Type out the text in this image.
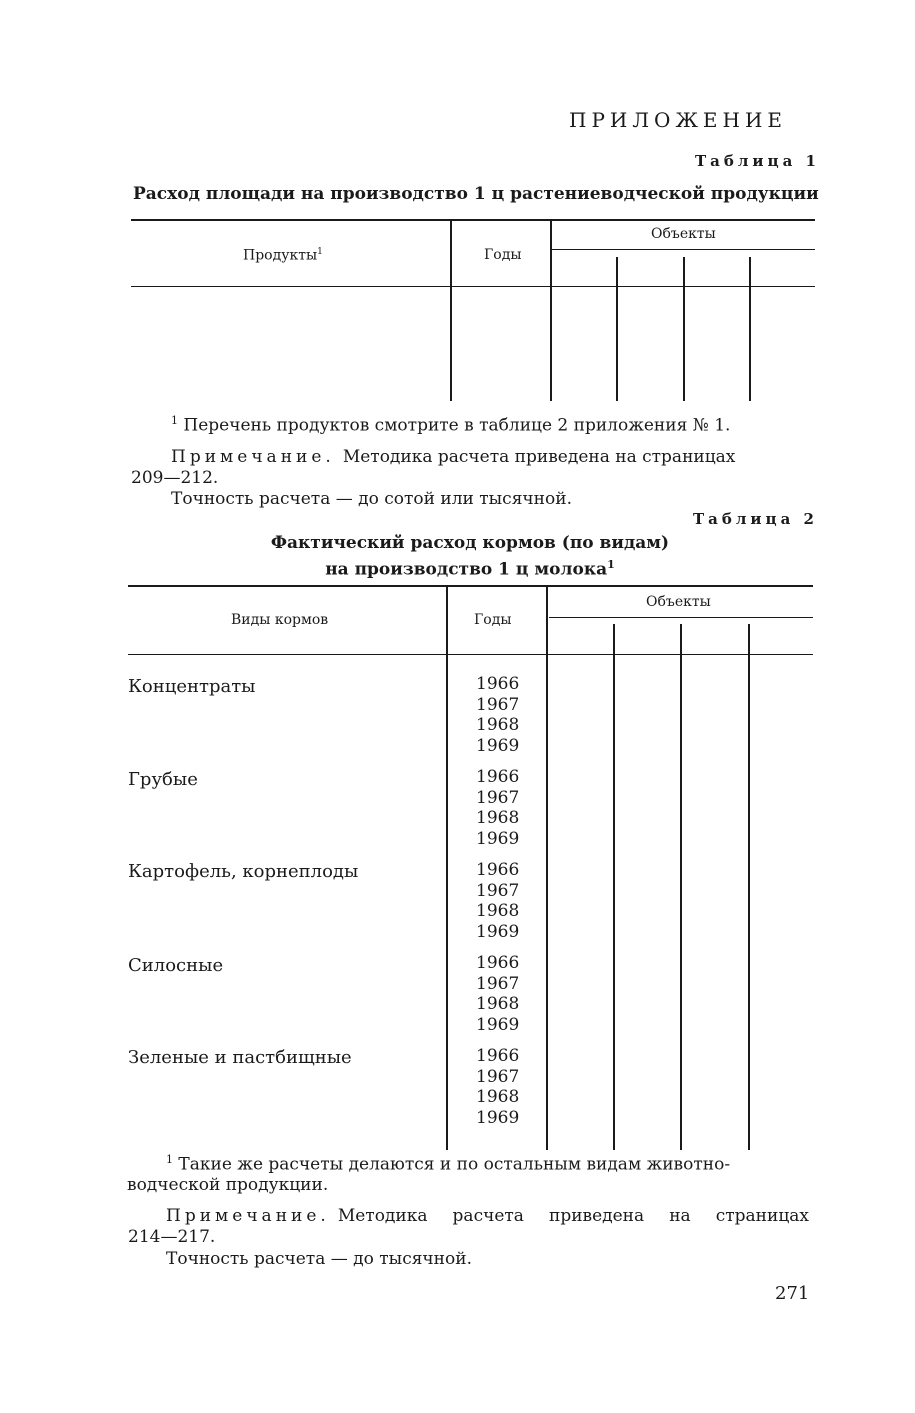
ПРИЛОЖЕНИЕ
Таблица 1
Расход площади на производство 1 ц растениеводческой продукции
Продукты$^1$	Годы
Объекты
$^1$ Перечень продуктов смотрите в таблице 2 приложения № 1.
Примечание. Методика расчета приведена на страницах
209—212.
Точность расчета — до сотой или тысячной.
Таблица 2
Фактический расход кормов (по видам)
на производство 1 ц молока$^1$
Виды кормов	Годы
Объекты
Концентраты	1966
1967
1968
1969
Грубые	1966
1967
1968
1969
Картофель, корнеплоды	1966
1967
1968
1969
Силосные	1966
1967
1968
1969
Зеленые и пастбищные	1966
1967
1968
1969
$^1$ Такие же расчеты делаются и по остальным видам животно-
водческой продукции.
Примечание. Методика расчета приведена на страницах
214—217.
Точность расчета — до тысячной.
271
